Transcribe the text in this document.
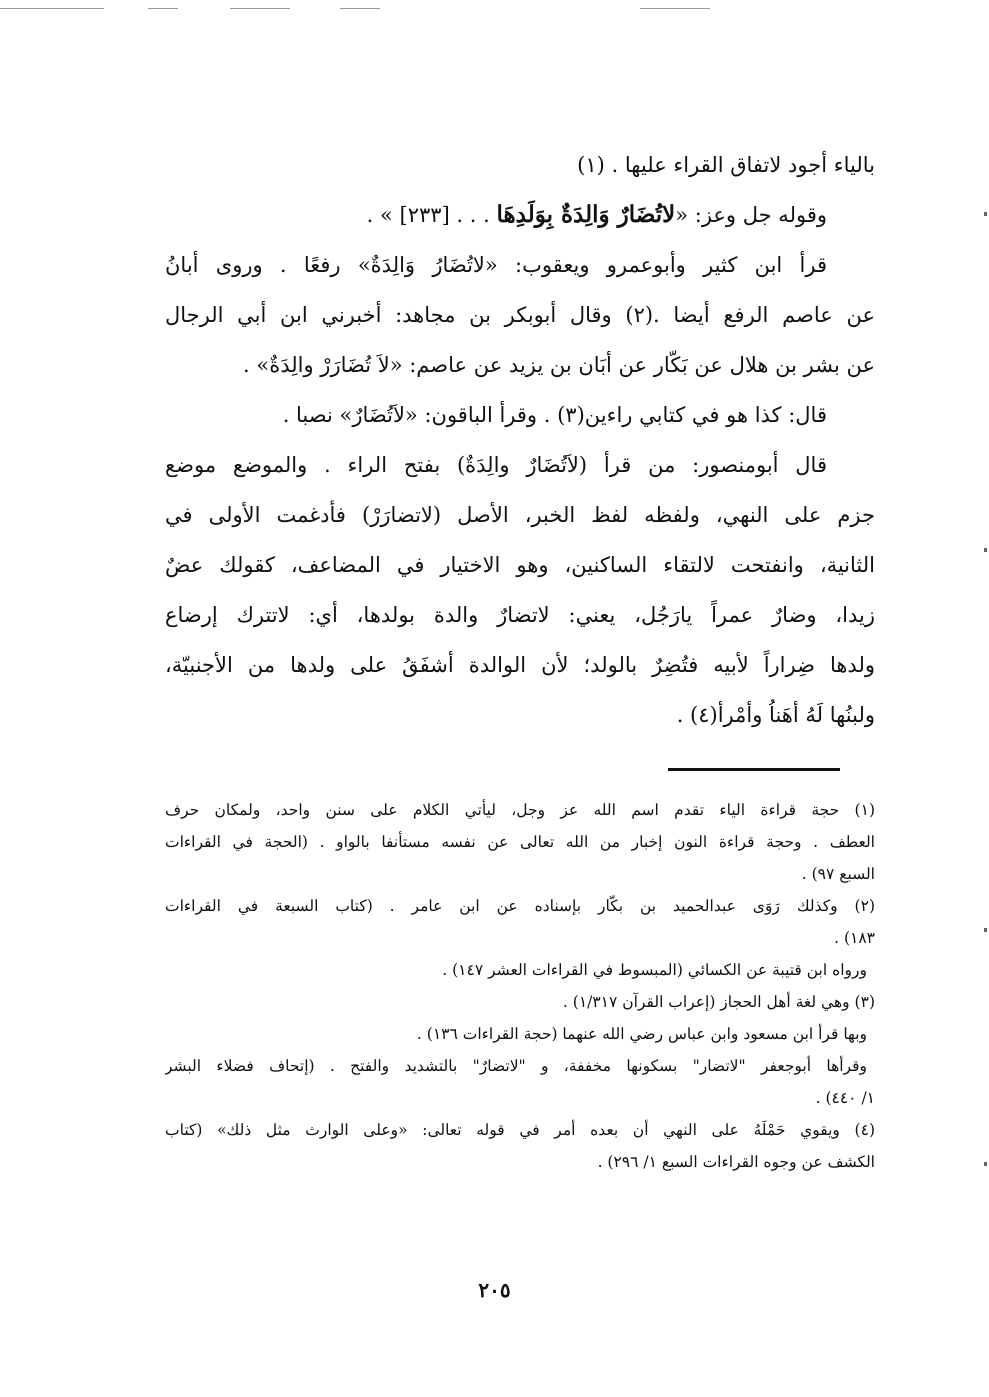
بالياء أجود لاتفاق القراء عليها . (١)

وقوله جل وعز: «لاتُضَارٌ وَالِدَةٌ بِوَلَدِهَا . . . [٢٣٣] » .

قرأ ابن كثير وأبوعمرو ويعقوب: «لاتُضَارُ وَالِدَةٌ» رفعًا . وروى أبانُ

عن عاصم الرفع أيضا .(٢) وقال أبوبكر بن مجاهد: أخبرني ابن أبي الرجال

عن بشر بن هلال عن بَكّار عن أبَان بن يزيد عن عاصم: «لاَ تُضَارَرْ والِدَةٌ» .

قال: كذا هو في كتابي راءين(٣) . وقرأ الباقون: «لاَتُضَارٌ» نصبا .

قال أبومنصور: من قرأ (لاَتُضَارٌ والِدَةٌ) بفتح الراء . والموضع موضع

جزم على النهي، ولفظه لفظ الخبر، الأصل (لاتضارَرْ) فأدغمت الأولى في

الثانية، وانفتحت لالتقاء الساكنين، وهو الاختيار في المضاعف، كقولك عضٌ

زيدا، وضارٌ عمراً يارَجُل، يعني: لاتضارٌ والدة بولدها، أي: لاتترك إرضاع

ولدها ضِراراً لأبيه فتُضِرٌ بالولد؛ لأن الوالدة أشفَقُ على ولدها من الأجنبيّة،

ولبنُها لَهُ أهَناُ وأمْرأ(٤) .

(١) حجة قراءة الياء تقدم اسم الله عز وجل، ليأتي الكلام على سنن واحد، ولمكان حرف

العطف . وحجة قراءة النون إخبار من الله تعالى عن نفسه مستأنفا بالواو . (الحجة في القراءات

السبع ٩٧) .

(٢) وكذلك رَوَى عبدالحميد بن بكّار بإسناده عن ابن عامر . (كتاب السبعة في القراءات

١٨٣) .

ورواه ابن قتيبة عن الكسائي (المبسوط في القراءات العشر ١٤٧) .

(٣) وهي لغة أهل الحجاز (إعراب القرآن ١/٣١٧) .

وبها قرأ ابن مسعود وابن عباس رضي الله عنهما (حجة القراءات ١٣٦) .

وقرأها أبوجعفر "لاتضار" بسكونها مخففة، و "لاتضارٌ" بالتشديد والفتح . (إتحاف فضلاء البشر

١/ ٤٤٠) .

(٤) ويقوي حَمْلَهُ على النهي أن بعده أمر في قوله تعالى: «وعلى الوارث مثل ذلك» (كتاب

الكشف عن وجوه القراءات السبع ١/ ٢٩٦) .

٢٠٥
